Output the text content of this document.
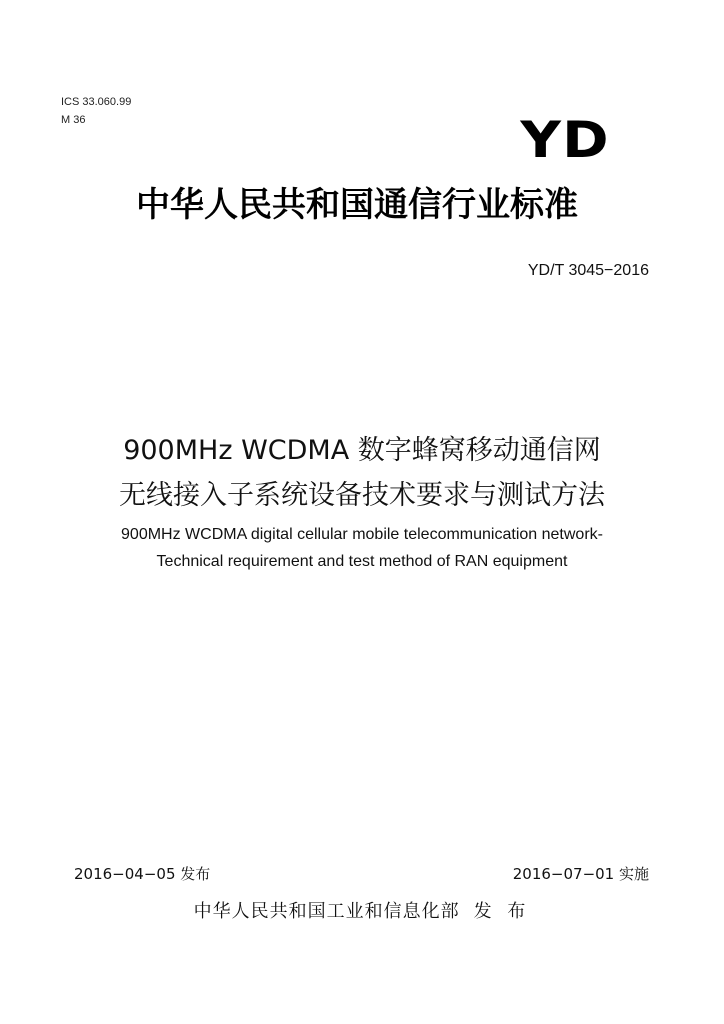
ICS 33.060.99
M 36	YD
中华人民共和国通信行业标准
YD/T 3045−2016
900MHz WCDMA 数字蜂窝移动通信网
无线接入子系统设备技术要求与测试方法
900MHz WCDMA digital cellular mobile telecommunication network-
Technical requirement and test method of RAN equipment
2016−04−05 发布	2016−07−01 实施
中华人民共和国工业和信息化部 发 布
